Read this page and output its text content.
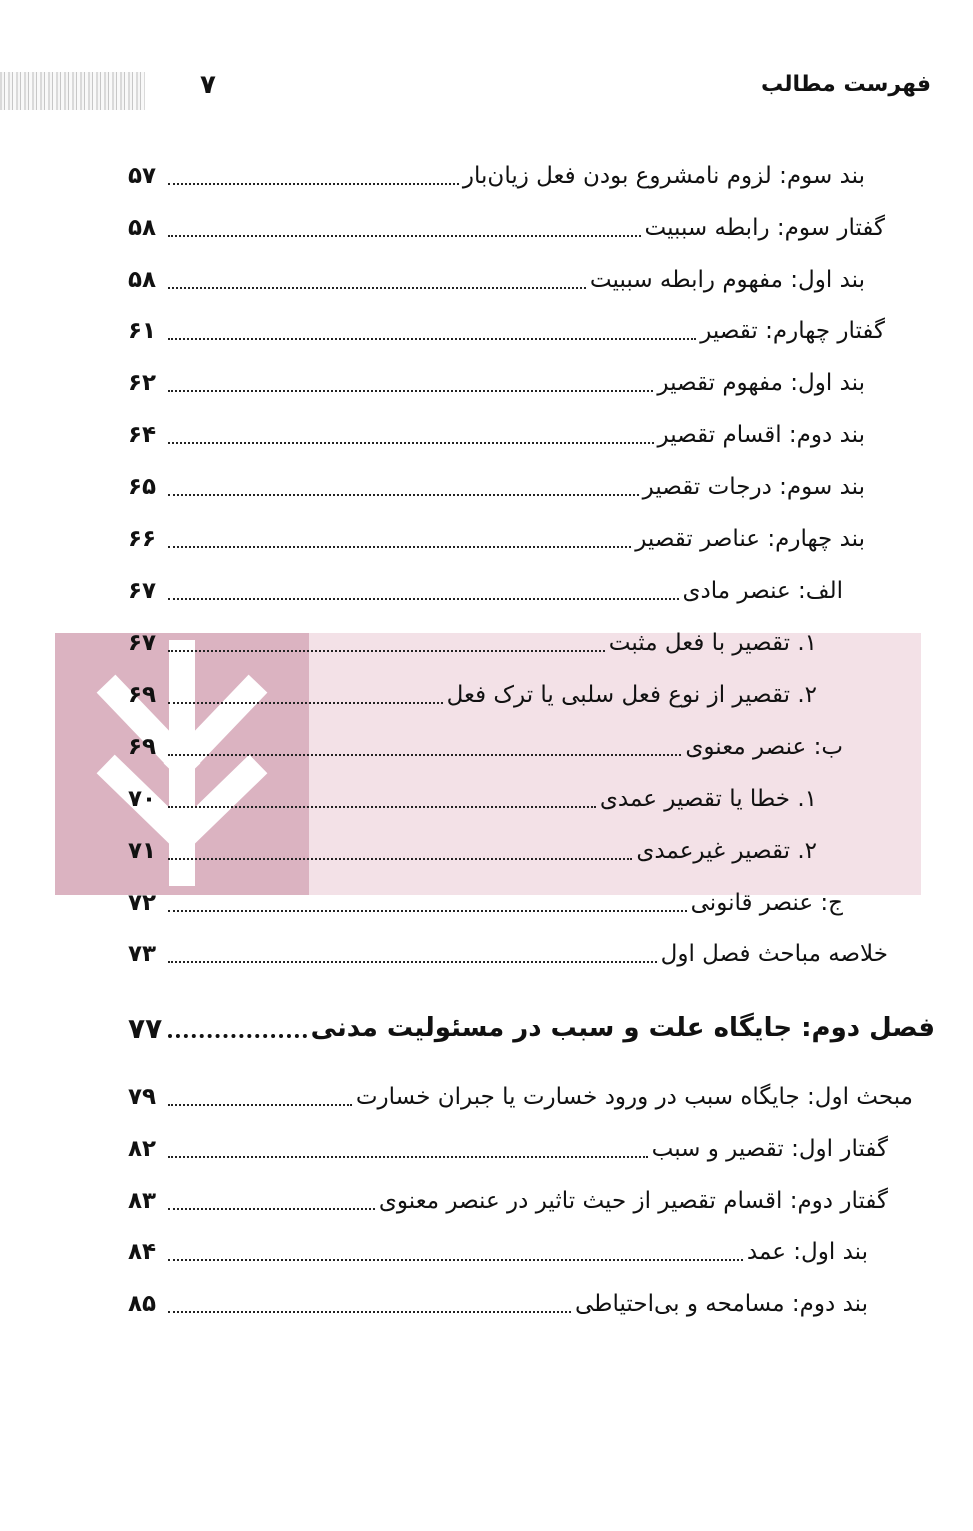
۷	فهرست مطالب
بند سوم: لزوم نامشروع بودن فعل زیان‌بار
۵۷
گفتار سوم: رابطه سببیت
۵۸
بند اول: مفهوم رابطه سببیت
۵۸
گفتار چهارم: تقصیر
۶۱
بند اول: مفهوم تقصیر
۶۲
بند دوم: اقسام تقصیر
۶۴
بند سوم: درجات تقصیر
۶۵
بند چهارم: عناصر تقصیر
۶۶
الف: عنصر مادی
۶۷
۱. تقصیر با فعل مثبت
۶۷
۲. تقصیر از نوع فعل سلبی یا ترک فعل
۶۹
ب: عنصر معنوی
۶۹
۱. خطا یا تقصیر عمدی
۷۰
۲. تقصیر غیرعمدی
۷۱
ج: عنصر قانونی
۷۲
خلاصه مباحث فصل اول
۷۳
فصل دوم: جایگاه علت و سبب در مسئولیت مدنی
۷۷
مبحث اول: جایگاه سبب در ورود خسارت یا جبران خسارت
۷۹
گفتار اول: تقصیر و سبب
۸۲
گفتار دوم: اقسام تقصیر از حیث تاثیر در عنصر معنوی
۸۳
بند اول: عمد
۸۴
بند دوم: مسامحه و بی‌احتیاطی
۸۵
